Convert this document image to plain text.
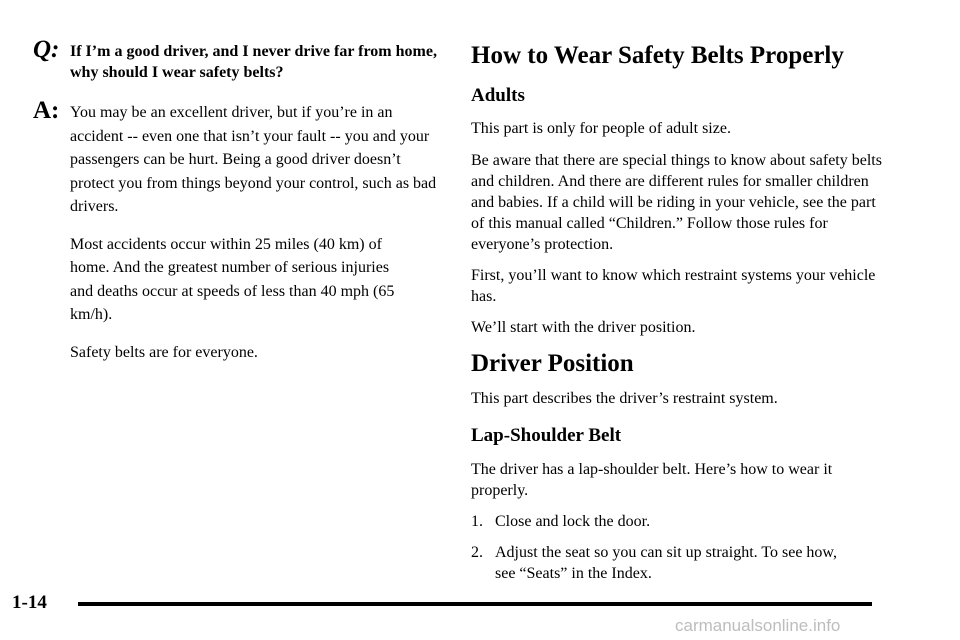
Q: If I’m a good driver, and I never drive far from home, why should I wear safety belts?
A: You may be an excellent driver, but if you’re in an accident -- even one that isn’t your fault -- you and your passengers can be hurt. Being a good driver doesn’t protect you from things beyond your control, such as bad drivers.
Most accidents occur within 25 miles (40 km) of home. And the greatest number of serious injuries and deaths occur at speeds of less than 40 mph (65 km/h).
Safety belts are for everyone.
How to Wear Safety Belts Properly
Adults

This part is only for people of adult size.

Be aware that there are special things to know about safety belts and children. And there are different rules for smaller children and babies. If a child will be riding in your vehicle, see the part of this manual called “Children.” Follow those rules for everyone’s protection.

First, you’ll want to know which restraint systems your vehicle has.

We’ll start with the driver position.

Driver Position

This part describes the driver’s restraint system.

Lap-Shoulder Belt

The driver has a lap-shoulder belt. Here’s how to wear it properly.

1. Close and lock the door.
2. Adjust the seat so you can sit up straight. To see how, see “Seats” in the Index.
1-14
carmanualsonline.info
